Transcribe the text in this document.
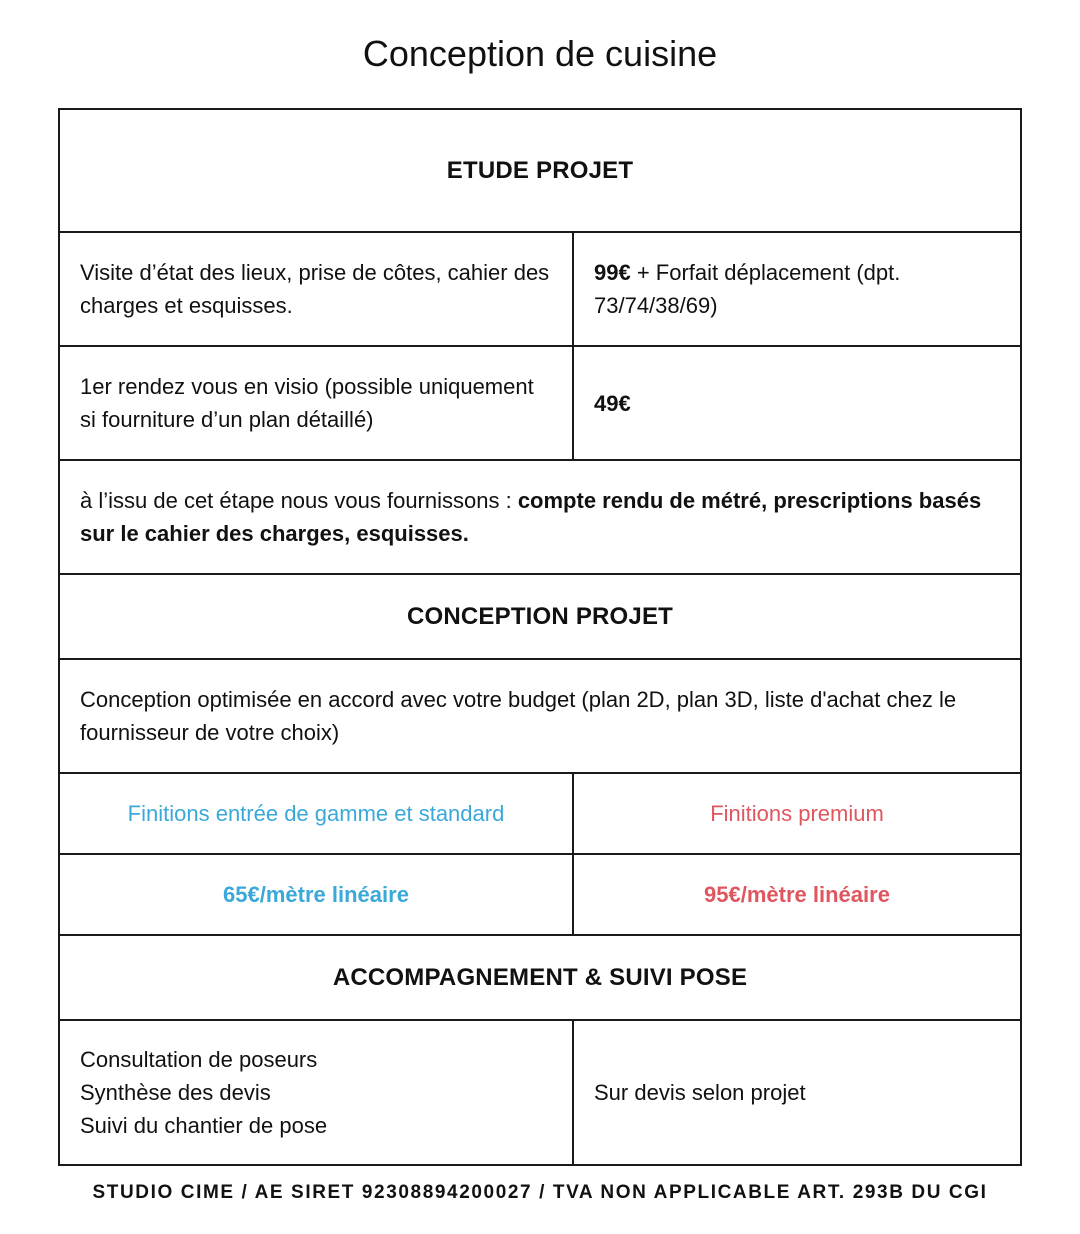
Conception de cuisine
ETUDE PROJET
Visite d’état des lieux, prise de côtes, cahier des charges et esquisses.
99€ + Forfait déplacement (dpt. 73/74/38/69)
1er rendez vous en visio (possible uniquement si fourniture d’un plan détaillé)
49€
à l’issu de cet étape nous vous fournissons : compte rendu de métré, prescriptions basés sur le cahier des charges, esquisses.
CONCEPTION PROJET
Conception optimisée en accord avec votre budget (plan 2D, plan 3D, liste d'achat chez le fournisseur de votre choix)
Finitions entrée de gamme et standard	Finitions premium
65€/mètre linéaire	95€/mètre linéaire
ACCOMPAGNEMENT & SUIVI POSE
Consultation de poseurs
Synthèse des devis
Suivi du chantier de pose
Sur devis selon projet
STUDIO CIME / AE SIRET 92308894200027 / TVA NON APPLICABLE ART. 293B DU CGI
